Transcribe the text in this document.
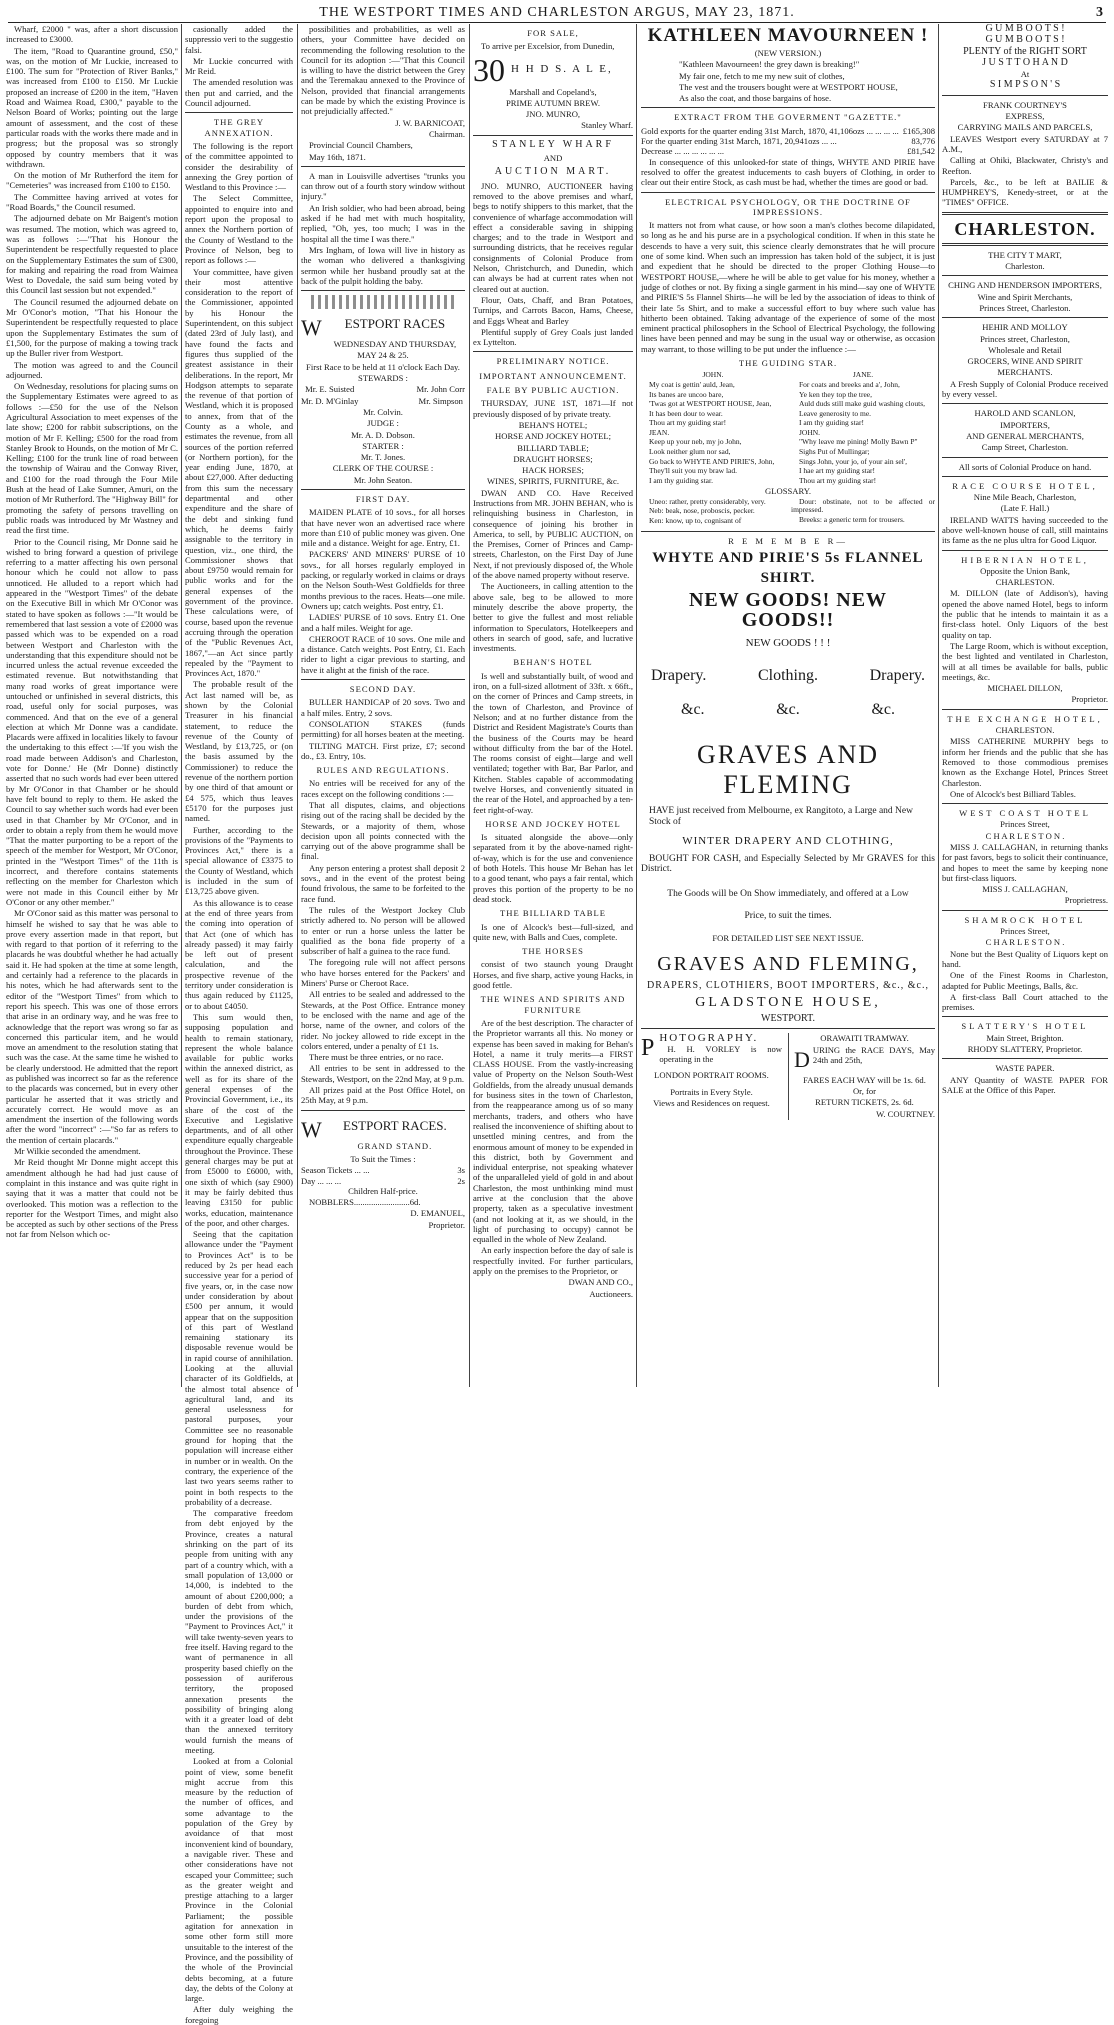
THE WESTPORT TIMES AND CHARLESTON ARGUS, MAY 23, 1871.	3

Wharf, £2000 " was, after a short discussion increased to £3000.

The item, "Road to Quarantine ground, £50," was, on the motion of Mr Luckie, increased to £100. The sum for "Protection of River Banks," was increased from £100 to £150. Mr Luckie proposed an increase of £200 in the item, "Haven Road and Waimea Road, £300," payable to the Nelson Board of Works; pointing out the large amount of assessment, and the cost of these particular roads with the works there made and in progress; but the proposal was so strongly opposed by country members that it was withdrawn.

On the motion of Mr Rutherford the item for "Cemeteries" was increased from £100 to £150.

The Committee having arrived at votes for "Road Boards," the Council resumed.

The adjourned debate on Mr Baigent's motion was resumed. The motion, which was agreed to, was as follows :—"That his Honour the Superintendent be respectfully requested to place on the Supplementary Estimates the sum of £300, for making and repairing the road from Waimea West to Dovedale, the said sum being voted by this Council last session but not expended."

The Council resumed the adjourned debate on Mr O'Conor's motion, "That his Honour the Superintendent be respectfully requested to place upon the Supplementary Estimates the sum of £1,500, for the purpose of making a towing track up the Buller river from Westport.

The motion was agreed to and the Council adjourned.

On Wednesday, resolutions for placing sums on the Supplementary Estimates were agreed to as follows :—£50 for the use of the Nelson Agricultural Association to meet expenses of the late show; £200 for rabbit subscriptions, on the motion of Mr F. Kelling; £500 for the road from Stanley Brook to Hounds, on the motion of Mr C. Kelling; £100 for the trunk line of road between the township of Wairau and the Conway River, and £100 for the road through the Four Mile Bush at the head of Lake Sumner, Amuri, on the motion of Mr Rutherford. The "Highway Bill" for promoting the safety of persons travelling on public roads was introduced by Mr Wastney and read the first time.

Prior to the Council rising, Mr Donne said he wished to bring forward a question of privilege referring to a matter affecting his own personal honour which he could not allow to pass unnoticed. He alluded to a report which had appeared in the "Westport Times" of the debate on the Executive Bill in which Mr O'Conor was stated to have spoken as follows :—"It would be remembered that last session a vote of £2000 was passed which was to be expended on a road between Westport and Charleston with the understanding that this expenditure should not be incurred unless the actual revenue exceeded the estimated revenue. But notwithstanding that many road works of great importance were untouched or unfinished in several districts, this road, useful only for social purposes, was commenced. And that on the eve of a general election at which Mr Donne was a candidate. Placards were affixed in localities likely to favour the undertaking to this effect :—'If you wish the road made between Addison's and Charleston, vote for Donne.' He (Mr Donne) distinctly asserted that no such words had ever been uttered by Mr O'Conor in that Chamber or he should have felt bound to reply to them. He asked the Council to say whether such words had ever been used in that Chamber by Mr O'Conor, and in order to obtain a reply from them he would move "That the matter purporting to be a report of the speech of the member for Westport, Mr O'Conor, printed in the "Westport Times" of the 11th is incorrect, and therefore contains statements reflecting on the member for Charleston which were not made in this Council either by Mr O'Conor or any other member."

Mr O'Conor said as this matter was personal to himself he wished to say that he was able to prove every assertion made in that report, but with regard to that portion of it referring to the placards he was doubtful whether he had actually said it. He had spoken at the time at some length, and certainly had a reference to the placards in his notes, which he had afterwards sent to the editor of the "Westport Times" from which to report his speech. This was one of those errors that arise in an ordinary way, and he was free to acknowledge that the report was wrong so far as concerned this particular item, and he would move an amendment to the resolution stating that such was the case. At the same time he wished to be clearly understood. He admitted that the report as published was incorrect so far as the reference to the placards was concerned, but in every other particular he asserted that it was strictly and accurately correct. He would move as an amendment the insertion of the following words after the word "incorrect" :—"So far as refers to the mention of certain placards."

Mr Wilkie seconded the amendment.

Mr Reid thought Mr Donne might accept this amendment although he had had just cause of complaint in this instance and was quite right in saying that it was a matter that could not be overlooked. This motion was a reflection to the reporter for the Westport Times, and might also be accepted as such by other sections of the Press not far from Nelson which oc-

casionally added the suppressio veri to the suggestio falsi.

Mr Luckie concurred with Mr Reid.

The amended resolution was then put and carried, and the Council adjourned.

THE GREY ANNEXATION.

The following is the report of the committee appointed to consider the desirability of annexing the Grey portion of Westland to this Province :—

The Select Committee, appointed to enquire into and report upon the proposal to annex the Northern portion of the County of Westland to the Province of Nelson, beg to report as follows :—

Your committee, have given their most attentive consideration to the report of the Commissioner, appointed by his Honour the Superintendent, on this subject (dated 23rd of July last), and have found the facts and figures thus supplied of the greatest assistance in their deliberations. In the report, Mr Hodgson attempts to separate the revenue of that portion of Westland, which it is proposed to annex, from that of the County as a whole, and estimates the revenue, from all sources of the portion referred (or Northern portion), for the year ending June, 1870, at about £27,000. After deducting from this sum the necessary departmental and other expenditure and the share of the debt and sinking fund which, he deems fairly assignable to the territory in question, viz., one third, the Commissioner shows that about £9750 would remain for public works and for the general expenses of the government of the province. These calculations were, of course, based upon the revenue accruing through the operation of the "Public Revenues Act, 1867,"—an Act since partly repealed by the "Payment to Provinces Act, 1870."

The probable result of the Act last named will be, as shown by the Colonial Treasurer in his financial statement, to reduce the revenue of the County of Westland, by £13,725, or (on the basis assumed by the Commissioner) to reduce the revenue of the northern portion by one third of that amount or £4 575, which thus leaves £5170 for the purposes just named.

Further, according to the provisions of the "Payments to Provinces Act," there is a special allowance of £3375 to the County of Westland, which is included in the sum of £13,725 above given.

As this allowance is to cease at the end of three years from the coming into operation of that Act (one of which has already passed) it may fairly be left out of present calculation, and the prospective revenue of the territory under consideration is thus again reduced by £1125, or to about £4050.

This sum would then, supposing population and health to remain stationary, represent the whole balance available for public works within the annexed district, as well as for its share of the general expenses of the Provincial Government, i.e., its share of the cost of the Executive and Legislative departments, and of all other expenditure equally chargeable throughout the Province. These general charges may be put at from £5000 to £6000, with, one sixth of which (say £900) it may be fairly debited thus leaving £3150 for public works, education, maintenance of the poor, and other charges.

Seeing that the capitation allowance under the "Payment to Provinces Act" is to be reduced by 2s per head each successive year for a period of five years, or, in the case now under consideration by about £500 per annum, it would appear that on the supposition of this part of Westland remaining stationary its disposable revenue would be in rapid course of annihilation. Looking at the alluvial character of its Goldfields, at the almost total absence of agricultural land, and its general uselessness for pastoral purposes, your Committee see no reasonable ground for hoping that the population will increase either in number or in wealth. On the contrary, the experience of the last two years seems rather to point in both respects to the probability of a decrease.

The comparative freedom from debt enjoyed by the Province, creates a natural shrinking on the part of its people from uniting with any part of a country which, with a small population of 13,000 or 14,000, is indebted to the amount of about £200,000; a burden of debt from which, under the provisions of the "Payment to Provinces Act," it will take twenty-seven years to free itself. Having regard to the want of permanence in all prosperity based chiefly on the possession of auriferous territory, the proposed annexation presents the possibility of bringing along with it a greater load of debt than the annexed territory would furnish the means of meeting.

Looked at from a Colonial point of view, some benefit might accrue from this measure by the reduction of the number of offices, and some advantage to the population of the Grey by avoidance of that most inconvenient kind of boundary, a navigable river. These and other considerations have not escaped your Committee; such as the greater weight and prestige attaching to a larger Province in the Colonial Parliament; the possible agitation for annexation in some other form still more unsuitable to the interest of the Province, and the possibility of the whole of the Provincial debts becoming, at a future day, the debts of the Colony at large.

After duly weighing the foregoing

possibilities and probabilities, as well as others, your Committee have decided on recommending the following resolution to the Council for its adoption :—"That this Council is willing to have the district between the Grey and the Teremakau annexed to the Province of Nelson, provided that financial arrangements can be made by which the existing Province is not prejudicially affected."

J. W. BARNICOAT,

Chairman.

Provincial Council Chambers,

May 16th, 1871.

A man in Louisville advertises "trunks you can throw out of a fourth story window without injury."

An Irish soldier, who had been abroad, being asked if he had met with much hospitality, replied, "Oh, yes, too much; I was in the hospital all the time I was there."

Mrs Ingham, of Iowa will live in history as the woman who delivered a thanksgiving sermon while her husband proudly sat at the back of the pulpit holding the baby.

W ESTPORT RACES

WEDNESDAY AND THURSDAY,

MAY 24 & 25.

First Race to be held at 11 o'clock Each Day.

STEWARDS :

Mr. E. Suisted

Mr. D. M'Ginlay

Mr. John Corr

Mr. Simpson

Mr. Colvin.

JUDGE :

Mr. A. D. Dobson.

STARTER :

Mr. T. Jones.

CLERK OF THE COURSE :

Mr. John Seaton.

FIRST DAY.

MAIDEN PLATE of 10 sovs., for all horses that have never won an advertised race where more than £10 of public money was given. One mile and a distance. Weight for age. Entry, £1.

PACKERS' AND MINERS' PURSE of 10 sovs., for all horses regularly employed in packing, or regularly worked in claims or drays on the Nelson South-West Goldfields for three months previous to the races. Heats—one mile. Owners up; catch weights. Post entry, £1.

LADIES' PURSE of 10 sovs. Entry £1. One and a half miles. Weight for age.

CHEROOT RACE of 10 sovs. One mile and a distance. Catch weights. Post Entry, £1. Each rider to light a cigar previous to starting, and have it alight at the finish of the race.

SECOND DAY.

BULLER HANDICAP of 20 sovs. Two and a half miles. Entry, 2 sovs.

CONSOLATION STAKES (funds permitting) for all horses beaten at the meeting.

TILTING MATCH. First prize, £7; second do., £3. Entry, 10s.

RULES AND REGULATIONS.

No entries will be received for any of the races except on the following conditions :—

That all disputes, claims, and objections rising out of the racing shall be decided by the Stewards, or a majority of them, whose decision upon all points connected with the carrying out of the above programme shall be final.

Any person entering a protest shall deposit 2 sovs., and in the event of the protest being found frivolous, the same to be forfeited to the race fund.

The rules of the Westport Jockey Club strictly adhered to. No person will be allowed to enter or run a horse unless the latter be qualified as the bona fide property of a subscriber of half a guinea to the race fund.

The foregoing rule will not affect persons who have horses entered for the Packers' and Miners' Purse or Cheroot Race.

All entries to be sealed and addressed to the Stewards, at the Post Office. Entrance money to be enclosed with the name and age of the horse, name of the owner, and colors of the rider. No jockey allowed to ride except in the colors entered, under a penalty of £1 1s.

There must be three entries, or no race.

All entries to be sent in addressed to the Stewards, Westport, on the 22nd May, at 9 p.m.

All prizes paid at the Post Office Hotel, on 25th May, at 9 p.m.

W ESTPORT RACES.

GRAND STAND.

To Suit the Times :

Season Tickets ... ...	3s
Day ... ... ...	2s

Children Half-price.

NOBBLERS..........................6d.

D. EMANUEL,

Proprietor.

FOR SALE,

To arrive per Excelsior, from Dunedin,

30 H H D S. A L E,

Marshall and Copeland's,

PRIME AUTUMN BREW.

JNO. MUNRO,

Stanley Wharf.

STANLEY WHARF

AND

AUCTION MART.

JNO. MUNRO, AUCTIONEER having removed to the above premises and wharf, begs to notify shippers to this market, that the convenience of wharfage accommodation will effect a considerable saving in shipping charges; and to the trade in Westport and surrounding districts, that he receives regular consignments of Colonial Produce from Nelson, Christchurch, and Dunedin, which can always be had at current rates when not cleared out at auction.

Flour, Oats, Chaff, and Bran Potatoes, Turnips, and Carrots Bacon, Hams, Cheese, and Eggs Wheat and Barley

Plentiful supply of Grey Coals just landed ex Lyttelton.

PRELIMINARY NOTICE.

IMPORTANT ANNOUNCEMENT.

FALE BY PUBLIC AUCTION.

THURSDAY, JUNE 1ST, 1871—If not previously disposed of by private treaty.

BEHAN'S HOTEL;

HORSE AND JOCKEY HOTEL;

BILLIARD TABLE;

DRAUGHT HORSES;

HACK HORSES;

WINES, SPIRITS, FURNITURE, &c.

DWAN AND CO. Have Received Instructions from MR. JOHN BEHAN, who is relinquishing business in Charleston, in consequence of joining his brother in America, to sell, by PUBLIC AUCTION, on the Premises, Corner of Princes and Camp-streets, Charleston, on the First Day of June Next, if not previously disposed of, the Whole of the above named property without reserve.

The Auctioneers, in calling attention to the above sale, beg to be allowed to more minutely describe the above property, the better to give the fullest and most reliable information to Speculators, Hotelkeepers and others in search of good, safe, and lucrative investments.

BEHAN'S HOTEL

Is well and substantially built, of wood and iron, on a full-sized allotment of 33ft. x 66ft., on the corner of Princes and Camp streets, in the town of Charleston, and Province of Nelson; and at no further distance from the District and Resident Magistrate's Courts than the business of the Courts may be heard without difficulty from the bar of the Hotel. The rooms consist of eight—large and well ventilated; together with Bar, Bar Parlor, and Kitchen. Stables capable of accommodating twelve Horses, and conveniently situated in the rear of the Hotel, and approached by a ten-feet right-of-way.

HORSE AND JOCKEY HOTEL

Is situated alongside the above—only separated from it by the above-named right-of-way, which is for the use and convenience of both Hotels. This house Mr Behan has let to a good tenant, who pays a fair rental, which proves this portion of the property to be no dead stock.

THE BILLIARD TABLE

Is one of Alcock's best—full-sized, and quite new, with Balls and Cues, complete.

THE HORSES

consist of two staunch young Draught Horses, and five sharp, active young Hacks, in good fettle.

THE WINES AND SPIRITS AND FURNITURE

Are of the best description. The character of the Proprietor warrants all this. No money or expense has been saved in making for Behan's Hotel, a name it truly merits—a FIRST CLASS HOUSE. From the vastly-increasing value of Property on the Nelson South-West Goldfields, from the already unusual demands for business sites in the town of Charleston, from the reappearance among us of so many merchants, traders, and others who have realised the inconvenience of shifting about to unsettled mining centres, and from the enormous amount of money to be expended in this district, both by Government and individual enterprise, not speaking whatever of the unparalleled yield of gold in and about Charleston, the most unthinking mind must arrive at the conclusion that the above property, taken as a speculative investment (and not looking at it, as we should, in the light of purchasing to occupy) cannot be equalled in the whole of New Zealand.

An early inspection before the day of sale is respectfully invited. For further particulars, apply on the premises to the Proprietor, or

DWAN AND CO.,

Auctioneers.

KATHLEEN MAVOURNEEN !

(NEW VERSION.)

"Kathleen Mavourneen! the grey dawn is breaking!"

My fair one, fetch to me my new suit of clothes,

The vest and the trousers bought were at WESTPORT HOUSE,

As also the coat, and those bargains of hose.

EXTRACT FROM THE GOVERMENT "GAZETTE."

Gold exports for the quarter ending 31st March, 1870, 41,106ozs ... ... ... ... £165,308
For the quarter ending 31st March, 1871, 20,941ozs ... ...	83,776
Decrease ... ... ... ... ... ...	£81,542

In consequence of this unlooked-for state of things, WHYTE AND PIRIE have resolved to offer the greatest inducements to cash buyers of Clothing, in order to clear out their entire Stock, as cash must be had, whether the times are good or bad.

ELECTRICAL PSYCHOLOGY, OR THE DOCTRINE OF IMPRESSIONS.

It matters not from what cause, or how soon a man's clothes become dilapidated, so long as he and his purse are in a psychological condition. If when in this state he descends to have a very suit, this science clearly demonstrates that he will procure one of some kind. When such an impression has taken hold of the subject, it is just and expedient that he should be directed to the proper Clothing House—to WESTPORT HOUSE,—where he will be able to get value for his money, whether a judge of clothes or not. By fixing a single garment in his mind—say one of WHYTE and PIRIE'S 5s Flannel Shirts—he will be led by the association of ideas to think of their late 5s Shirt, and to make a successful effort to buy where such value has hitherto been obtained. Taking advantage of the experience of some of the most eminent practical philosophers in the School of Electrical Psychology, the following lines have been penned and may be sung in the usual way or otherwise, as occasion may warrant, to those willing to be put under the influence :—

THE GUIDING STAR.

JOHN.

My coat is gettin' auld, Jean,

Its banes are uncoo bare,

'Twas got at WESTPORT HOUSE, Jean,

It has been dour to wear.

Thou art my guiding star!

JEAN.

Keep up your neb, my jo John,

Look neither glum nor sad,

Go back to WHYTE AND PIRIE'S, John,

They'll suit you my braw lad.

I am thy guiding star.

JANE.

For coats and breeks and a', John,

Ye ken they top the tree,

Auld duds still make guid washing clouts,

Leave generosity to me.

I am thy guiding star!

JOHN.

"Why leave me pining! Molly Bawn P"

Sighs Put of Mullingar;

Sings John, your jo, of your ain sel',

I hae art my guiding star!

Thou art my guiding star!

GLOSSARY.

Uneo: rather, pretty considerably, very.

Neb: beak, nose, proboscis, pecker.

Ken: know, up to, cognisant of

Dour: obstinate, not to be affected or impressed.

Breeks: a generic term for trousers.

R E M E M B E R—

WHYTE AND PIRIE'S 5s FLANNEL SHIRT.
NEW GOODS! NEW GOODS!!

NEW GOODS ! ! !

Drapery.	Clothing.	Drapery.
&c.	&c.	&c.
GRAVES AND FLEMING

HAVE just received from Melbourne, ex Rangitoto, a Large and New

Stock of

WINTER DRAPERY AND CLOTHING,

BOUGHT FOR CASH, and Especially Selected by Mr GRAVES for this District.

The Goods will be On Show immediately, and offered at a Low

Price, to suit the times.

FOR DETAILED LIST SEE NEXT ISSUE.

GRAVES AND FLEMING,

DRAPERS, CLOTHIERS, BOOT IMPORTERS, &c., &c.,

GLADSTONE HOUSE,

WESTPORT.

PHOTOGRAPHY.

H. H. VORLEY is now operating in the

LONDON PORTRAIT ROOMS.

Portraits in Every Style.

Views and Residences on request.

ORAWAITI TRAMWAY.

DURING the RACE DAYS, May 24th and 25th,

FARES EACH WAY will be 1s. 6d.

Or, for

RETURN TICKETS, 2s. 6d.

W. COURTNEY.

G U M B O O T S !

G U M B O O T S !

PLENTY of the RIGHT SORT

J U S T T O H A N D

At

S I M P S O N ' S

FRANK COURTNEY'S

EXPRESS,

CARRYING MAILS AND PARCELS,

LEAVES Westport every SATURDAY at 7 A.M.,

Calling at Ohiki, Blackwater, Christy's and Reefton.

Parcels, &c., to be left at BAILIE & HUMPHREY'S, Kenedy-street, or at the "TIMES" OFFICE.

CHARLESTON.

THE CITY T MART,

Charleston.

CHING AND HENDERSON IMPORTERS,

Wine and Spirit Merchants,

Princes Street, Charleston.

HEHIR AND MOLLOY

Princes street, Charleston,

Wholesale and Retail

GROCERS, WINE AND SPIRIT

MERCHANTS.

A Fresh Supply of Colonial Produce received by every vessel.

HAROLD AND SCANLON,

IMPORTERS,

AND GENERAL MERCHANTS,

Camp Street, Charleston.

All sorts of Colonial Produce on hand.

RACE COURSE HOTEL,

Nine Mile Beach, Charleston,

(Late F. Hall.)

IRELAND WATTS having succeeded to the above well-known house of call, still maintains its fame as the ne plus ultra for Good Liquor.

HIBERNIAN HOTEL,

Opposite the Union Bank,

CHARLESTON.

M. DILLON (late of Addison's), having opened the above named Hotel, begs to inform the public that he intends to maintain it as a first-class hotel. Only Liquors of the best quality on tap.

The Large Room, which is without exception, the best lighted and ventilated in Charleston, will at all times be available for balls, public meetings, &c.

MICHAEL DILLON,

Proprietor.

THE EXCHANGE HOTEL,

CHARLESTON.

MISS CATHERINE MURPHY begs to inform her friends and the public that she has Removed to those commodious premises known as the Exchange Hotel, Princes Street Charleston.

One of Alcock's best Billiard Tables.

WEST COAST HOTEL

Princes Street,

C H A R L E S T O N .

MISS J. CALLAGHAN, in returning thanks for past favors, begs to solicit their continuance, and hopes to meet the same by keeping none but first-class liquors.

MISS J. CALLAGHAN,

Proprietress.

SHAMROCK HOTEL

Princes Street,

C H A R L E S T O N .

None but the Best Quality of Liquors kept on hand.

One of the Finest Rooms in Charleston, adapted for Public Meetings, Balls, &c.

A first-class Ball Court attached to the premises.

SLATTERY'S HOTEL

Main Street, Brighton.

RHODY SLATTERY, Proprietor.

WASTE PAPER.

ANY Quantity of WASTE PAPER FOR SALE at the Office of this Paper.
